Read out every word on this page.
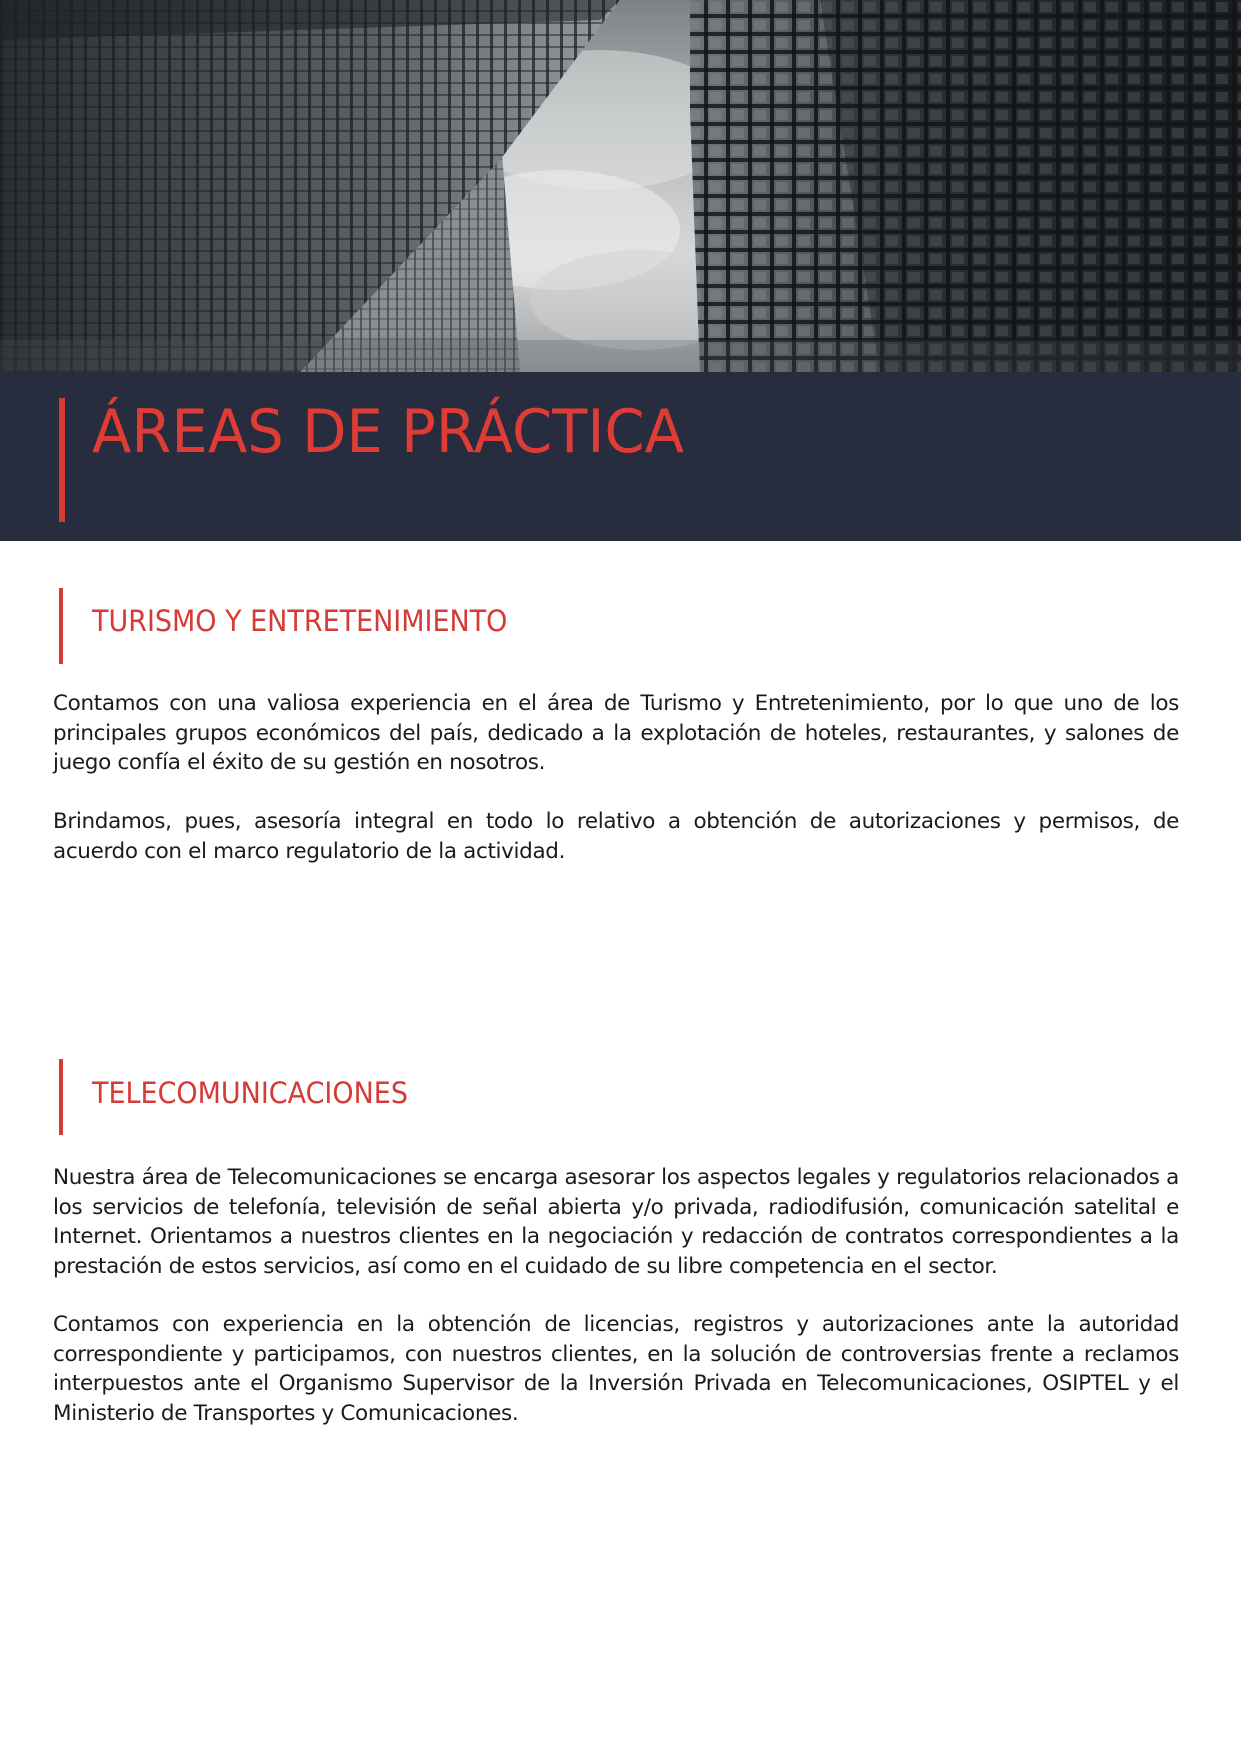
ÁREAS DE PRÁCTICA
TURISMO Y ENTRETENIMIENTO

Contamos con una valiosa experiencia en el área de Turismo y Entretenimiento, por lo que uno de los principales grupos económicos del país, dedicado a la explotación de hoteles, restaurantes, y salones de juego confía el éxito de su gestión en nosotros.

Brindamos, pues, asesoría integral en todo lo relativo a obtención de autorizaciones y permisos, de acuerdo con el marco regulatorio de la actividad.

TELECOMUNICACIONES

Nuestra área de Telecomunicaciones se encarga asesorar los aspectos legales y regulatorios relacionados a los servicios de telefonía, televisión de señal abierta y/o privada, radiodifusión, comunicación satelital e Internet. Orientamos a nuestros clientes en la negociación y redacción de contratos correspondientes a la prestación de estos servicios, así como en el cuidado de su libre competencia en el sector.

Contamos con experiencia en la obtención de licencias, registros y autorizaciones ante la autoridad correspondiente y participamos, con nuestros clientes, en la solución de controversias frente a reclamos interpuestos ante el Organismo Supervisor de la Inversión Privada en Telecomunicaciones, OSIPTEL y el Ministerio de Transportes y Comunicaciones.
